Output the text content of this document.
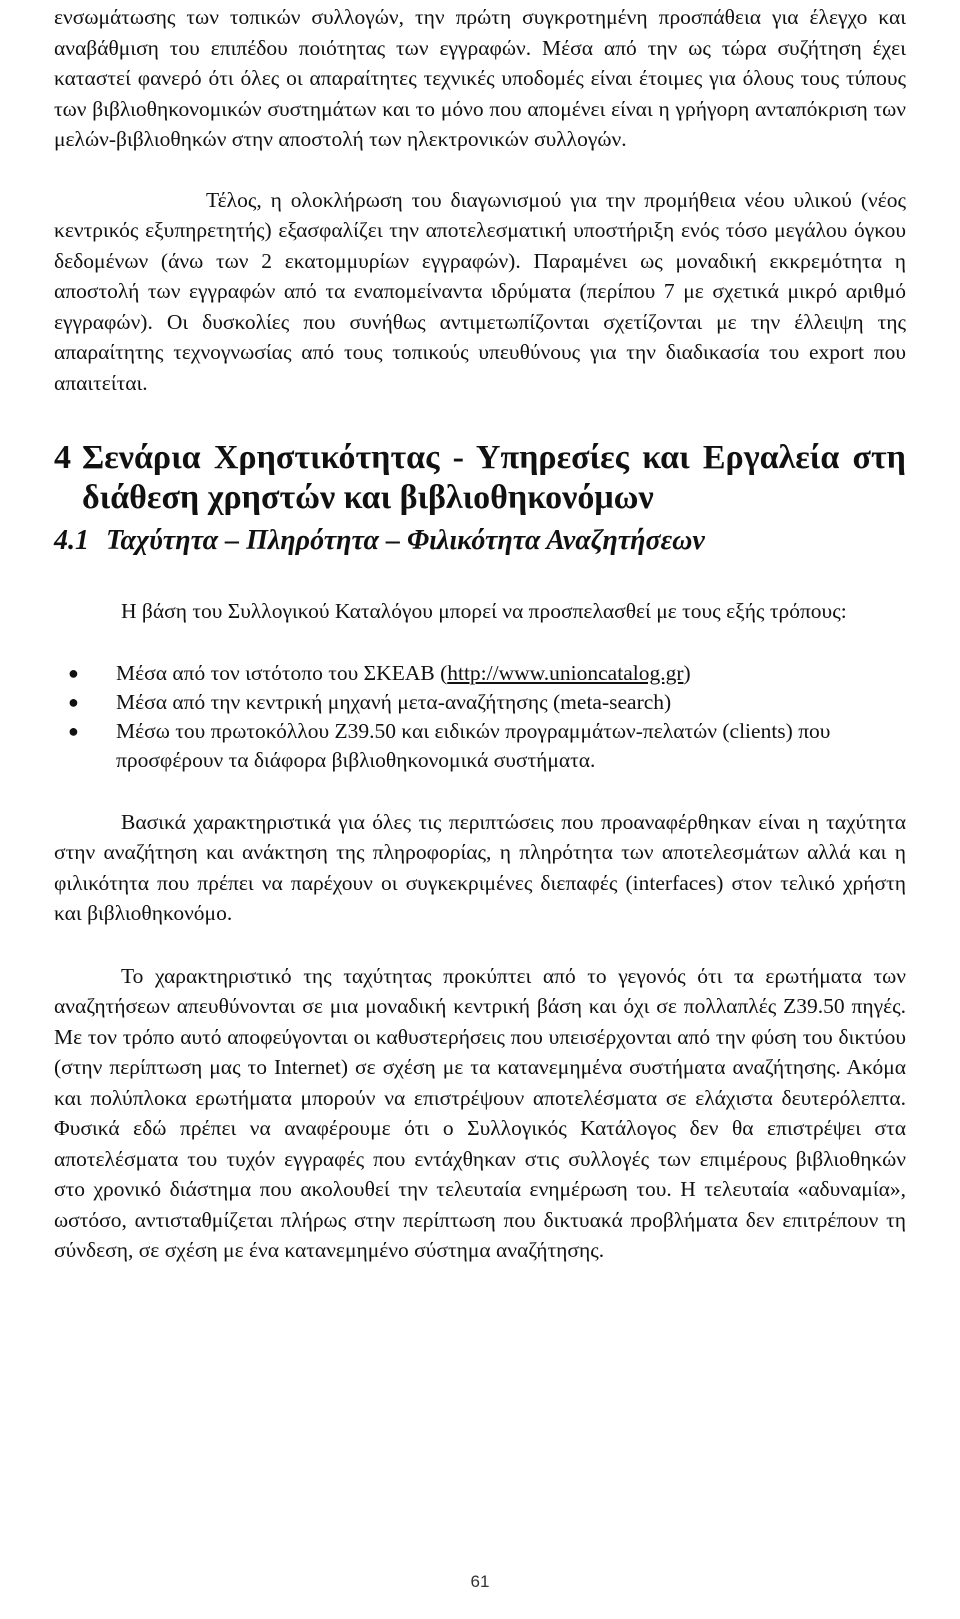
ενσωμάτωσης των τοπικών συλλογών, την πρώτη συγκροτημένη προσπάθεια για έλεγχο και αναβάθμιση του επιπέδου ποιότητας των εγγραφών. Μέσα από την ως τώρα συζήτηση έχει καταστεί φανερό ότι όλες οι απαραίτητες τεχνικές υποδομές είναι έτοιμες για όλους τους τύπους των βιβλιοθηκονομικών συστημάτων και το μόνο που απομένει είναι η γρήγορη ανταπόκριση των μελών-βιβλιοθηκών στην αποστολή των ηλεκτρονικών συλλογών.

Τέλος, η ολοκλήρωση του διαγωνισμού για την προμήθεια νέου υλικού (νέος κεντρικός εξυπηρετητής) εξασφαλίζει την αποτελεσματική υποστήριξη ενός τόσο μεγάλου όγκου δεδομένων (άνω των 2 εκατομμυρίων εγγραφών). Παραμένει ως μοναδική εκκρεμότητα η αποστολή των εγγραφών από τα εναπομείναντα ιδρύματα (περίπου 7 με σχετικά μικρό αριθμό εγγραφών). Οι δυσκολίες που συνήθως αντιμετωπίζονται σχετίζονται με την έλλειψη της απαραίτητης τεχνογνωσίας από τους τοπικούς υπευθύνους για την διαδικασία του export που απαιτείται.

4 Σενάρια Χρηστικότητας - Υπηρεσίες και Εργαλεία στη διάθεση χρηστών και βιβλιοθηκονόμων
4.1 Ταχύτητα – Πληρότητα – Φιλικότητα Αναζητήσεων

Η βάση του Συλλογικού Καταλόγου μπορεί να προσπελασθεί με τους εξής τρόπους:

●	Μέσα από τον ιστότοπο του ΣΚΕΑΒ (http://www.unioncatalog.gr)
●	Μέσα από την κεντρική μηχανή μετα-αναζήτησης (meta-search)
●	Μέσω του πρωτοκόλλου Z39.50 και ειδικών προγραμμάτων-πελατών (clients) που προσφέρουν τα διάφορα βιβλιοθηκονομικά συστήματα.

Βασικά χαρακτηριστικά για όλες τις περιπτώσεις που προαναφέρθηκαν είναι η ταχύτητα στην αναζήτηση και ανάκτηση της πληροφορίας, η πληρότητα των αποτελεσμάτων αλλά και η φιλικότητα που πρέπει να παρέχουν οι συγκεκριμένες διεπαφές (interfaces) στον τελικό χρήστη και βιβλιοθηκονόμο.

Το χαρακτηριστικό της ταχύτητας προκύπτει από το γεγονός ότι τα ερωτήματα των αναζητήσεων απευθύνονται σε μια μοναδική κεντρική βάση και όχι σε πολλαπλές Z39.50 πηγές. Με τον τρόπο αυτό αποφεύγονται οι καθυστερήσεις που υπεισέρχονται από την φύση του δικτύου (στην περίπτωση μας το Internet) σε σχέση με τα κατανεμημένα συστήματα αναζήτησης. Ακόμα και πολύπλοκα ερωτήματα μπορούν να επιστρέψουν αποτελέσματα σε ελάχιστα δευτερόλεπτα. Φυσικά εδώ πρέπει να αναφέρουμε ότι ο Συλλογικός Κατάλογος δεν θα επιστρέψει στα αποτελέσματα του τυχόν εγγραφές που εντάχθηκαν στις συλλογές των επιμέρους βιβλιοθηκών στο χρονικό διάστημα που ακολουθεί την τελευταία ενημέρωση του. Η τελευταία «αδυναμία», ωστόσο, αντισταθμίζεται πλήρως στην περίπτωση που δικτυακά προβλήματα δεν επιτρέπουν τη σύνδεση, σε σχέση με ένα κατανεμημένο σύστημα αναζήτησης.

61
